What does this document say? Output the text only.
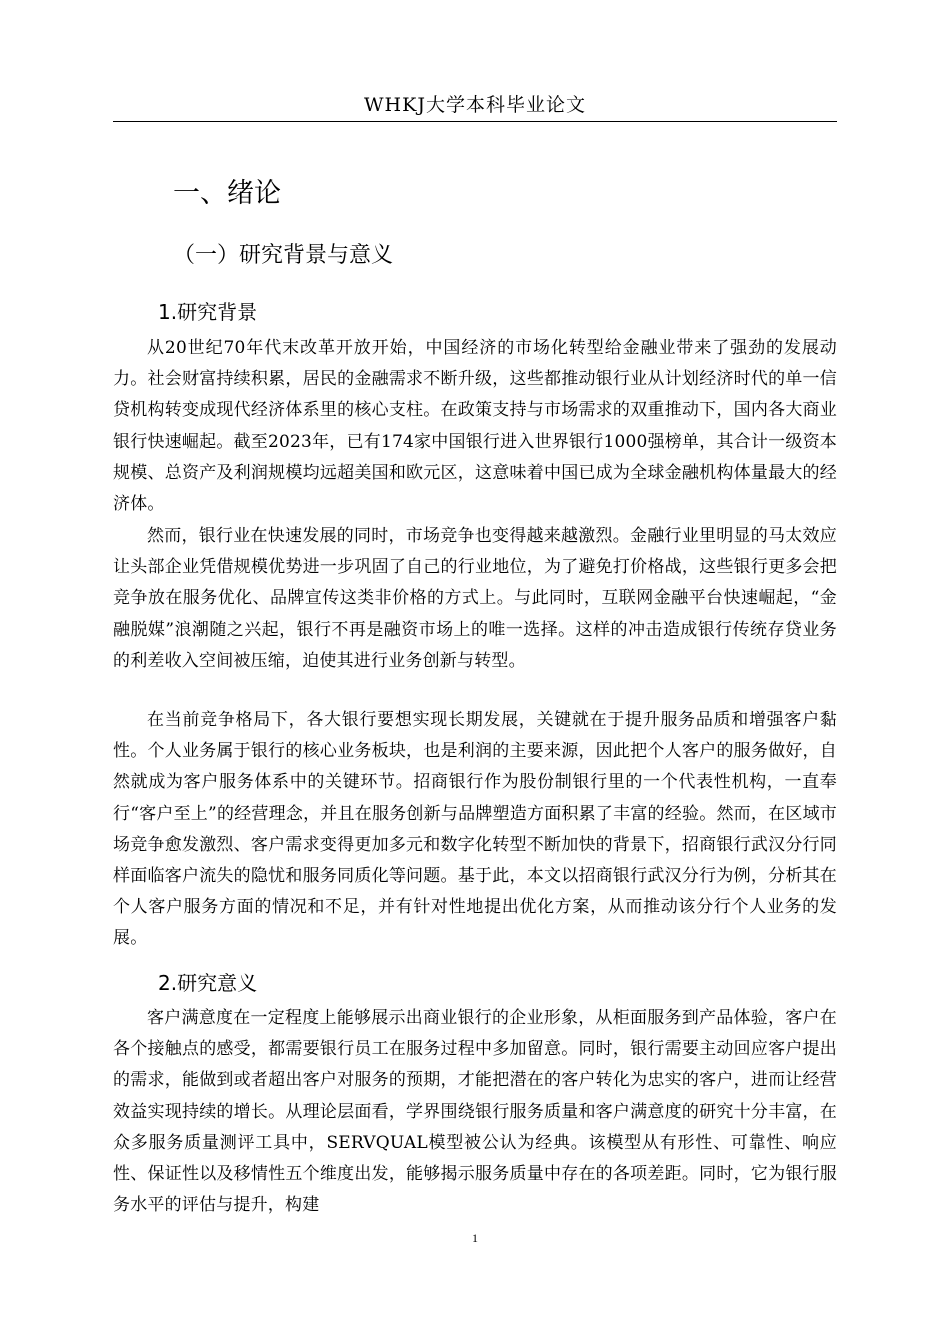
WHKJ大学本科毕业论文
一、绪论
（一）研究背景与意义
1.研究背景

从20世纪70年代末改革开放开始，中国经济的市场化转型给金融业带来了强劲的发展动力。社会财富持续积累，居民的金融需求不断升级，这些都推动银行业从计划经济时代的单一信贷机构转变成现代经济体系里的核心支柱。在政策支持与市场需求的双重推动下，国内各大商业银行快速崛起。截至2023年，已有174家中国银行进入世界银行1000强榜单，其合计一级资本规模、总资产及利润规模均远超美国和欧元区，这意味着中国已成为全球金融机构体量最大的经济体。

然而，银行业在快速发展的同时，市场竞争也变得越来越激烈。金融行业里明显的马太效应让头部企业凭借规模优势进一步巩固了自己的行业地位，为了避免打价格战，这些银行更多会把竞争放在服务优化、品牌宣传这类非价格的方式上。与此同时，互联网金融平台快速崛起，“金融脱媒”浪潮随之兴起，银行不再是融资市场上的唯一选择。这样的冲击造成银行传统存贷业务的利差收入空间被压缩，迫使其进行业务创新与转型。

在当前竞争格局下，各大银行要想实现长期发展，关键就在于提升服务品质和增强客户黏性。个人业务属于银行的核心业务板块，也是利润的主要来源，因此把个人客户的服务做好，自然就成为客户服务体系中的关键环节。招商银行作为股份制银行里的一个代表性机构，一直奉行“客户至上”的经营理念，并且在服务创新与品牌塑造方面积累了丰富的经验。然而，在区域市场竞争愈发激烈、客户需求变得更加多元和数字化转型不断加快的背景下，招商银行武汉分行同样面临客户流失的隐忧和服务同质化等问题。基于此，本文以招商银行武汉分行为例，分析其在个人客户服务方面的情况和不足，并有针对性地提出优化方案，从而推动该分行个人业务的发展。

2.研究意义

客户满意度在一定程度上能够展示出商业银行的企业形象，从柜面服务到产品体验，客户在各个接触点的感受，都需要银行员工在服务过程中多加留意。同时，银行需要主动回应客户提出的需求，能做到或者超出客户对服务的预期，才能把潜在的客户转化为忠实的客户，进而让经营效益实现持续的增长。从理论层面看，学界围绕银行服务质量和客户满意度的研究十分丰富，在众多服务质量测评工具中，SERVQUAL模型被公认为经典。该模型从有形性、可靠性、响应性、保证性以及移情性五个维度出发，能够揭示服务质量中存在的各项差距。同时，它为银行服务水平的评估与提升，构建

1
